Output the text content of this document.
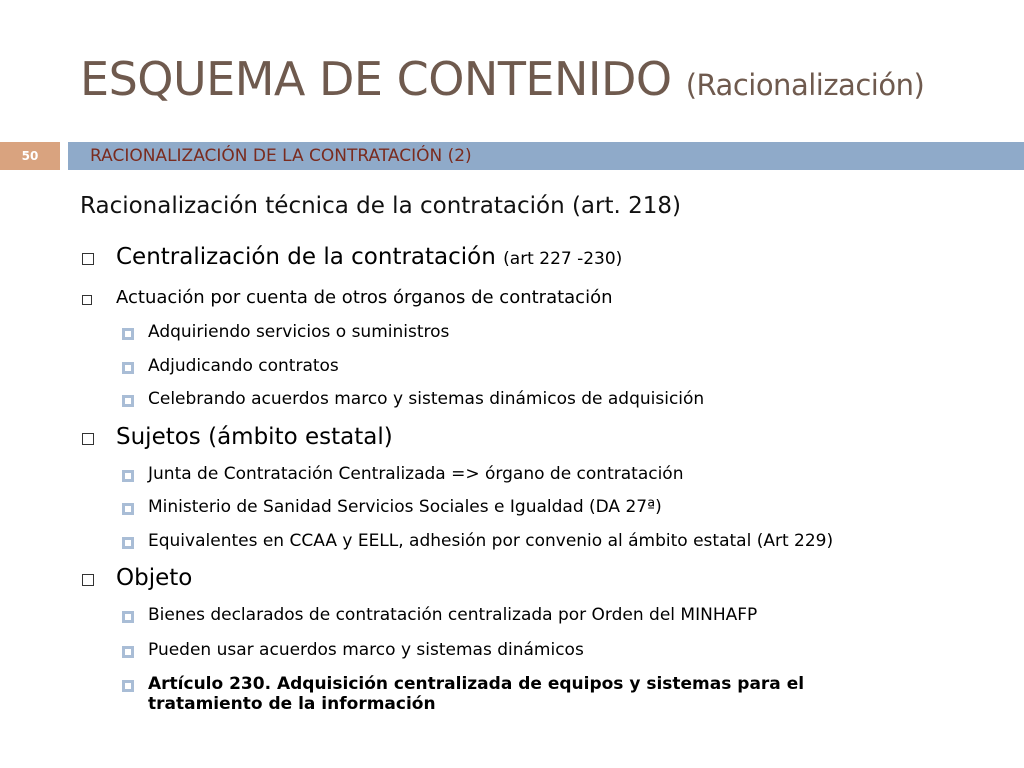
ESQUEMA DE CONTENIDO (Racionalización)
50	RACIONALIZACIÓN DE LA CONTRATACIÓN (2)
Racionalización técnica de la contratación (art. 218)
Centralización de la contratación (art 227 -230)
Actuación por cuenta de otros órganos de contratación
Adquiriendo servicios o suministros
Adjudicando contratos
Celebrando acuerdos marco y sistemas dinámicos de adquisición
Sujetos (ámbito estatal)
Junta de Contratación Centralizada => órgano de contratación
Ministerio de Sanidad Servicios Sociales e Igualdad (DA 27ª)
Equivalentes en CCAA y EELL, adhesión por convenio al ámbito estatal (Art 229)
Objeto
Bienes declarados de contratación centralizada por Orden del MINHAFP
Pueden usar acuerdos marco y sistemas dinámicos
Artículo 230. Adquisición centralizada de equipos y sistemas para el
tratamiento de la información
